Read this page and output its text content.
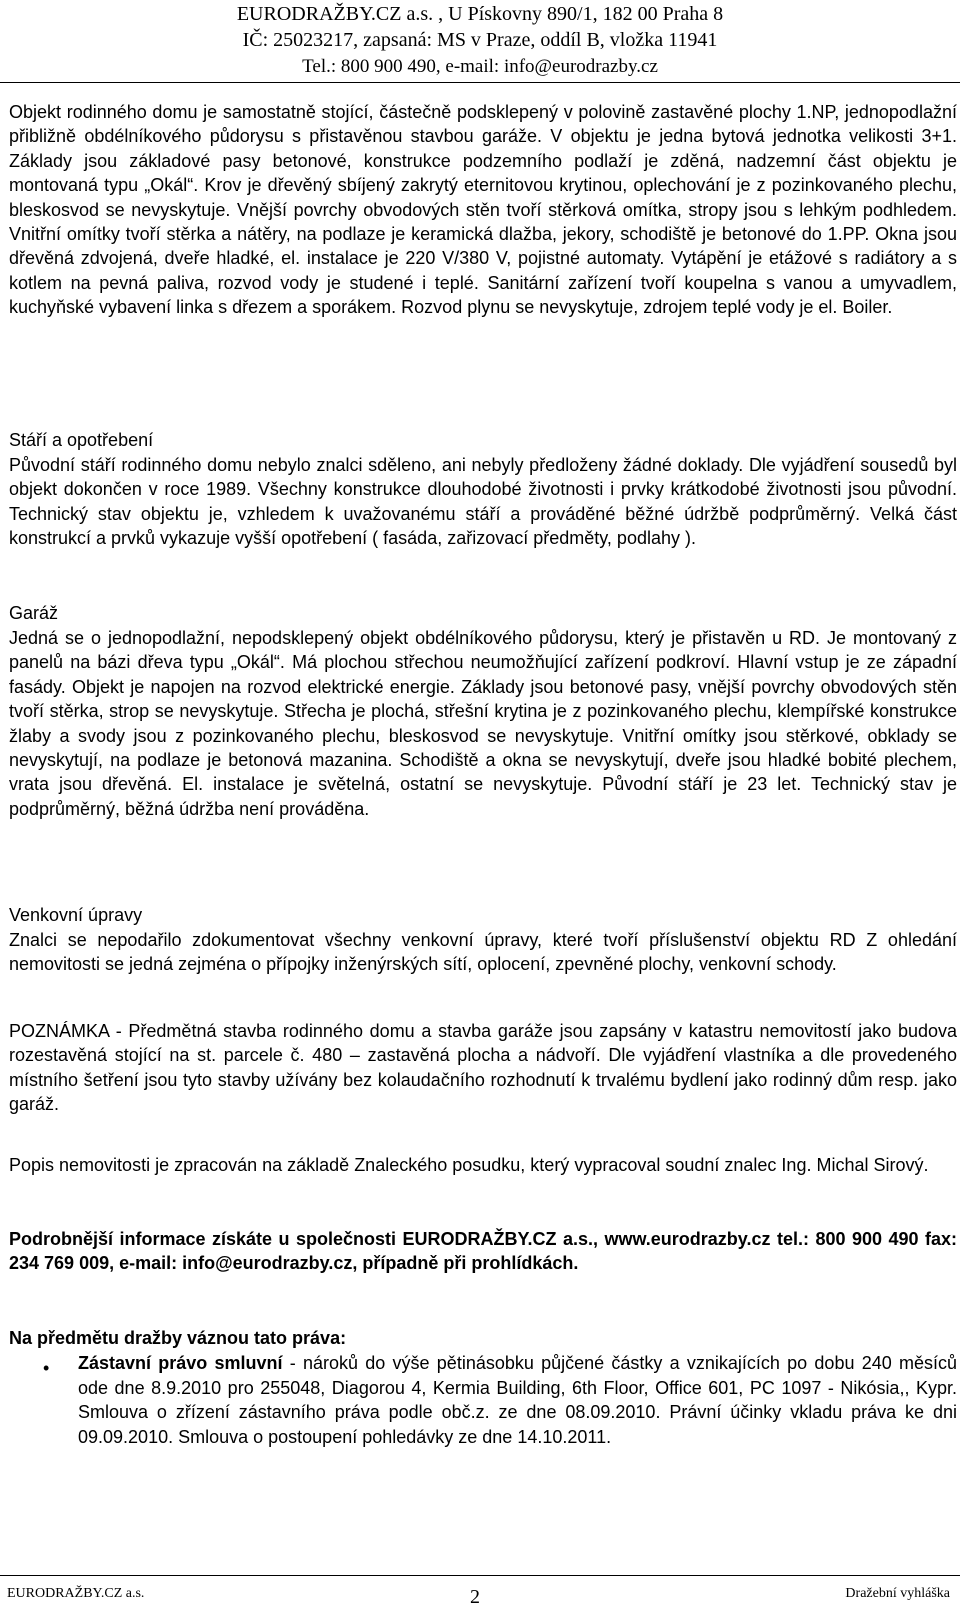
EURODRAŽBY.CZ a.s. , U Pískovny 890/1, 182 00 Praha 8
IČ: 25023217, zapsaná: MS v Praze, oddíl B, vložka 11941
Tel.: 800 900 490, e-mail: info@eurodrazby.cz

Objekt rodinného domu je samostatně stojící, částečně podsklepený v polovině zastavěné plochy 1.NP, jednopodlažní přibližně obdélníkového půdorysu s přistavěnou stavbou garáže. V objektu je jedna bytová jednotka velikosti 3+1. Základy jsou základové pasy betonové, konstrukce podzemního podlaží je zděná, nadzemní část objektu je montovaná typu „Okál“. Krov je dřevěný sbíjený zakrytý eternitovou krytinou, oplechování je z pozinkovaného plechu, bleskosvod se nevyskytuje. Vnější povrchy obvodových stěn tvoří stěrková omítka, stropy jsou s lehkým podhledem. Vnitřní omítky tvoří stěrka a nátěry, na podlaze je keramická dlažba, jekory, schodiště je betonové do 1.PP. Okna jsou dřevěná zdvojená, dveře hladké, el. instalace je 220 V/380 V, pojistné automaty. Vytápění je etážové s radiátory a s kotlem na pevná paliva, rozvod vody je studené i teplé. Sanitární zařízení tvoří koupelna s vanou a umyvadlem, kuchyňské vybavení linka s dřezem a sporákem. Rozvod plynu se nevyskytuje, zdrojem teplé vody je el. Boiler.

Stáří a opotřebení

Původní stáří rodinného domu nebylo znalci sděleno, ani nebyly předloženy žádné doklady. Dle vyjádření sousedů byl objekt dokončen v roce 1989. Všechny konstrukce dlouhodobé životnosti i prvky krátkodobé životnosti jsou původní. Technický stav objektu je, vzhledem k uvažovanému stáří a prováděné běžné údržbě podprůměrný. Velká část konstrukcí a prvků vykazuje vyšší opotřebení ( fasáda, zařizovací předměty, podlahy ).

Garáž

Jedná se o jednopodlažní, nepodsklepený objekt obdélníkového půdorysu, který je přistavěn u RD. Je montovaný z panelů na bázi dřeva typu „Okál“. Má plochou střechou neumožňující zařízení podkroví. Hlavní vstup je ze západní fasády. Objekt je napojen na rozvod elektrické energie. Základy jsou betonové pasy, vnější povrchy obvodových stěn tvoří stěrka, strop se nevyskytuje. Střecha je plochá, střešní krytina je z pozinkovaného plechu, klempířské konstrukce žlaby a svody jsou z pozinkovaného plechu, bleskosvod se nevyskytuje. Vnitřní omítky jsou stěrkové, obklady se nevyskytují, na podlaze je betonová mazanina. Schodiště a okna se nevyskytují, dveře jsou hladké bobité plechem, vrata jsou dřevěná. El. instalace je světelná, ostatní se nevyskytuje. Původní stáří je 23 let. Technický stav je podprůměrný, běžná údržba není prováděna.

Venkovní úpravy

Znalci se nepodařilo zdokumentovat všechny venkovní úpravy, které tvoří příslušenství objektu RD Z ohledání nemovitosti se jedná zejména o přípojky inženýrských sítí, oplocení, zpevněné plochy, venkovní schody.

POZNÁMKA - Předmětná stavba rodinného domu a stavba garáže jsou zapsány v katastru nemovitostí jako budova rozestavěná stojící na st. parcele č. 480 – zastavěná plocha a nádvoří. Dle vyjádření vlastníka a dle provedeného místního šetření jsou tyto stavby užívány bez kolaudačního rozhodnutí k trvalému bydlení jako rodinný dům resp. jako garáž.

Popis nemovitosti je zpracován na základě Znaleckého posudku, který vypracoval soudní znalec Ing. Michal Sirový.

Podrobnější informace získáte u společnosti EURODRAŽBY.CZ a.s., www.eurodrazby.cz tel.: 800 900 490 fax: 234 769 009, e-mail: info@eurodrazby.cz, případně při prohlídkách.

Na předmětu dražby váznou tato práva:

• Zástavní právo smluvní - nároků do výše pětinásobku půjčené částky a vznikajících po dobu 240 měsíců ode dne 8.9.2010 pro 255048, Diagorou 4, Kermia Building, 6th Floor, Office 601, PC 1097 - Nikósia,, Kypr. Smlouva o zřízení zástavního práva podle obč.z. ze dne 08.09.2010. Právní účinky vkladu práva ke dni 09.09.2010. Smlouva o postoupení pohledávky ze dne 14.10.2011.
EURODRAŽBY.CZ a.s.	2	Dražební vyhláška
